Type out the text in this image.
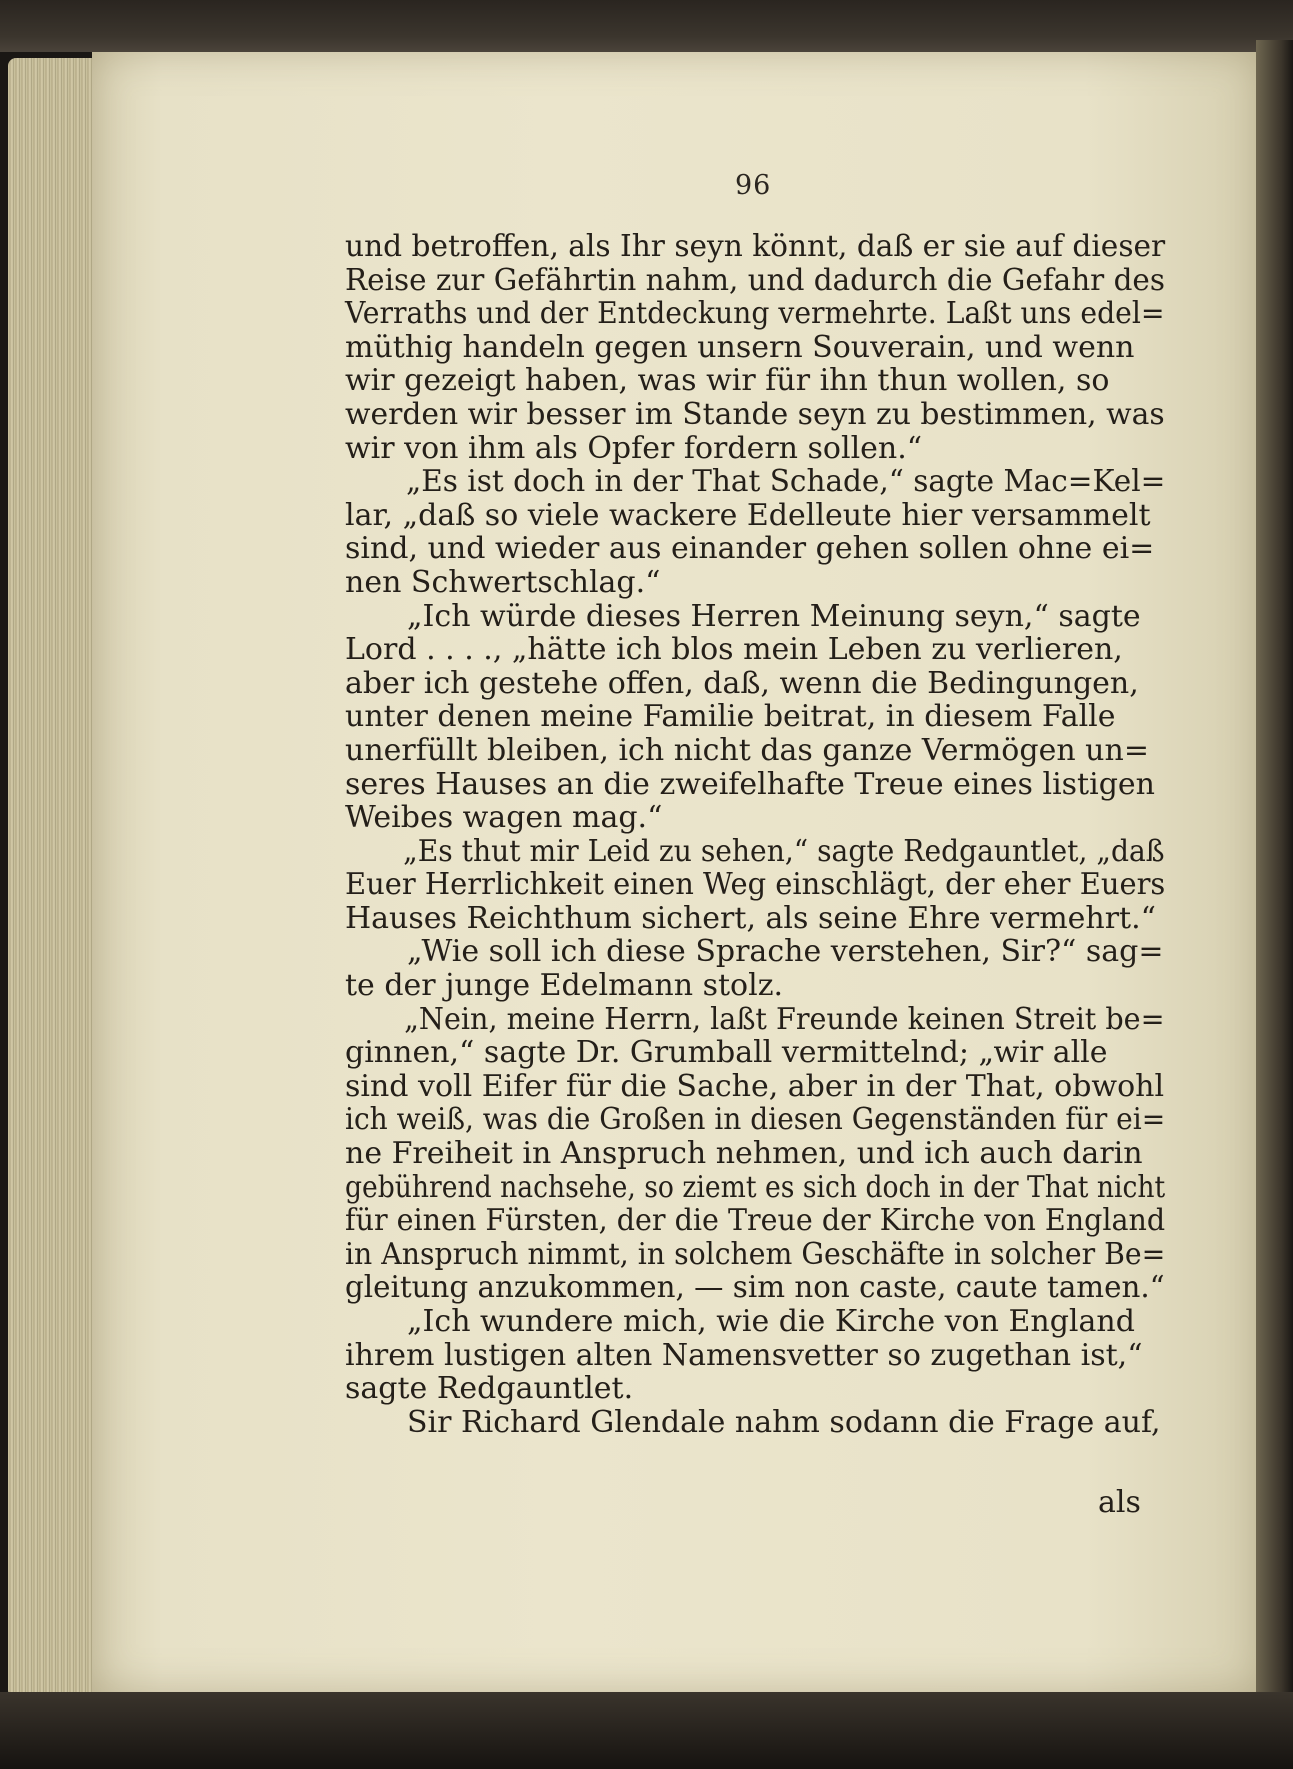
96
und betroffen, als Ihr seyn könnt, daß er sie auf dieser
Reise zur Gefährtin nahm, und dadurch die Gefahr des
Verraths und der Entdeckung vermehrte. Laßt uns edel=
müthig handeln gegen unsern Souverain, und wenn
wir gezeigt haben, was wir für ihn thun wollen, so
werden wir besser im Stande seyn zu bestimmen, was
wir von ihm als Opfer fordern sollen.“
„Es ist doch in der That Schade,“ sagte Mac=Kel=
lar, „daß so viele wackere Edelleute hier versammelt
sind, und wieder aus einander gehen sollen ohne ei=
nen Schwertschlag.“
„Ich würde dieses Herren Meinung seyn,“ sagte
Lord . . . ., „hätte ich blos mein Leben zu verlieren,
aber ich gestehe offen, daß, wenn die Bedingungen,
unter denen meine Familie beitrat, in diesem Falle
unerfüllt bleiben, ich nicht das ganze Vermögen un=
seres Hauses an die zweifelhafte Treue eines listigen
Weibes wagen mag.“
„Es thut mir Leid zu sehen,“ sagte Redgauntlet, „daß
Euer Herrlichkeit einen Weg einschlägt, der eher Euers
Hauses Reichthum sichert, als seine Ehre vermehrt.“
„Wie soll ich diese Sprache verstehen, Sir?“ sag=
te der junge Edelmann stolz.
„Nein, meine Herrn, laßt Freunde keinen Streit be=
ginnen,“ sagte Dr. Grumball vermittelnd; „wir alle
sind voll Eifer für die Sache, aber in der That, obwohl
ich weiß, was die Großen in diesen Gegenständen für ei=
ne Freiheit in Anspruch nehmen, und ich auch darin
gebührend nachsehe, so ziemt es sich doch in der That nicht
für einen Fürsten, der die Treue der Kirche von England
in Anspruch nimmt, in solchem Geschäfte in solcher Be=
gleitung anzukommen, — sim non caste, caute tamen.“
„Ich wundere mich, wie die Kirche von England
ihrem lustigen alten Namensvetter so zugethan ist,“
sagte Redgauntlet.
Sir Richard Glendale nahm sodann die Frage auf,
als
